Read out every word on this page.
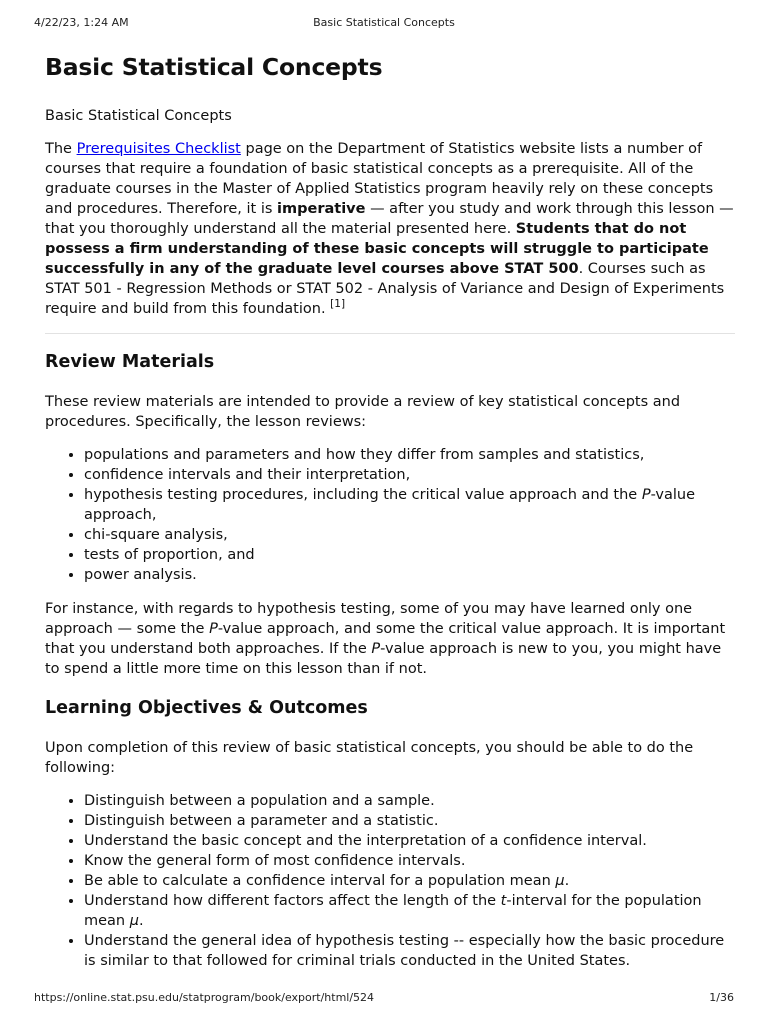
4/22/23, 1:24 AM	Basic Statistical Concepts
Basic Statistical Concepts

Basic Statistical Concepts

The Prerequisites Checklist page on the Department of Statistics website lists a number of courses that require a foundation of basic statistical concepts as a prerequisite. All of the graduate courses in the Master of Applied Statistics program heavily rely on these concepts and procedures. Therefore, it is imperative — after you study and work through this lesson — that you thoroughly understand all the material presented here. Students that do not possess a firm understanding of these basic concepts will struggle to participate successfully in any of the graduate level courses above STAT 500. Courses such as STAT 501 - Regression Methods or STAT 502 - Analysis of Variance and Design of Experiments require and build from this foundation. [1]

Review Materials

These review materials are intended to provide a review of key statistical concepts and procedures. Specifically, the lesson reviews:

• populations and parameters and how they differ from samples and statistics,
• confidence intervals and their interpretation,
• hypothesis testing procedures, including the critical value approach and the P-value approach,
• chi-square analysis,
• tests of proportion, and
• power analysis.

For instance, with regards to hypothesis testing, some of you may have learned only one approach — some the P-value approach, and some the critical value approach. It is important that you understand both approaches. If the P-value approach is new to you, you might have to spend a little more time on this lesson than if not.

Learning Objectives & Outcomes

Upon completion of this review of basic statistical concepts, you should be able to do the following:

• Distinguish between a population and a sample.
• Distinguish between a parameter and a statistic.
• Understand the basic concept and the interpretation of a confidence interval.
• Know the general form of most confidence intervals.
• Be able to calculate a confidence interval for a population mean μ.
• Understand how different factors affect the length of the t-interval for the population mean μ.
• Understand the general idea of hypothesis testing -- especially how the basic procedure is similar to that followed for criminal trials conducted in the United States.
https://online.stat.psu.edu/statprogram/book/export/html/524	1/36
